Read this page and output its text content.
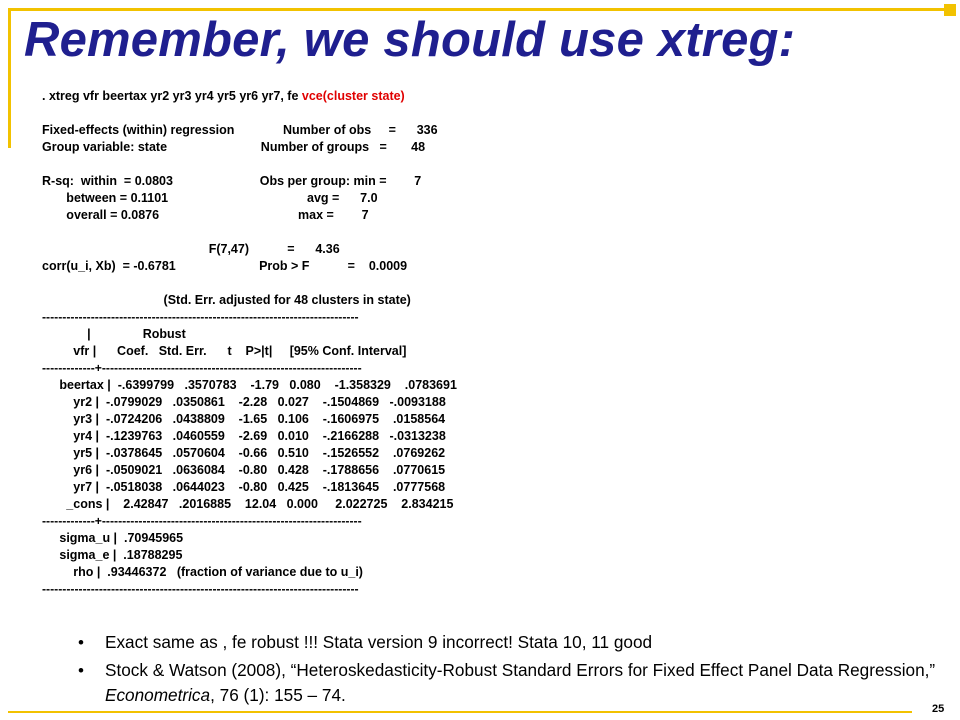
Remember, we should use xtreg:
. xtreg vfr beertax yr2 yr3 yr4 yr5 yr6 yr7, fe vce(cluster state)
Fixed-effects (within) regression              Number of obs     =      336
Group variable: state                           Number of groups   =       48
R-sq:  within  = 0.0803                         Obs per group: min =        7
between = 0.1101                                        avg =      7.0
overall = 0.0876                                        max =        7
F(7,47)           =      4.36
corr(u_i, Xb)  = -0.6781                        Prob > F           =    0.0009
(Std. Err. adjusted for 48 clusters in state)
------------------------------------------------------------------------------
|               Robust
vfr |      Coef.   Std. Err.      t    P>|t|     [95% Conf. Interval]
-------------+----------------------------------------------------------------
beertax |  -.6399799   .3570783    -1.79   0.080    -1.358329    .0783691
yr2 |  -.0799029   .0350861    -2.28   0.027    -.1504869   -.0093188
yr3 |  -.0724206   .0438809    -1.65   0.106    -.1606975    .0158564
yr4 |  -.1239763   .0460559    -2.69   0.010    -.2166288   -.0313238
yr5 |  -.0378645   .0570604    -0.66   0.510    -.1526552    .0769262
yr6 |  -.0509021   .0636084    -0.80   0.428    -.1788656    .0770615
yr7 |  -.0518038   .0644023    -0.80   0.425    -.1813645    .0777568
_cons |    2.42847   .2016885    12.04   0.000     2.022725    2.834215
-------------+----------------------------------------------------------------
sigma_u |  .70945965
sigma_e |  .18788295
rho |  .93446372   (fraction of variance due to u_i)
------------------------------------------------------------------------------
• Exact same as , fe robust !!! Stata version 9 incorrect! Stata 10, 11 good
• Stock & Watson (2008), “Heteroskedasticity-Robust Standard Errors for Fixed Effect Panel Data Regression,” Econometrica, 76 (1): 155 – 74.
25
